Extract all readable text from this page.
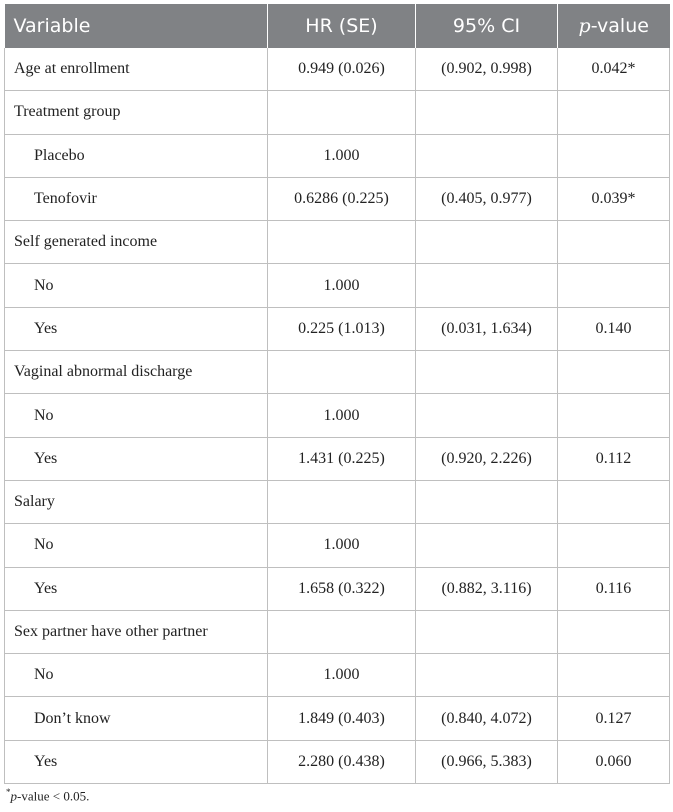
Variable	HR (SE)	95% CI	p-value
Age at enrollment	0.949 (0.026)	(0.902, 0.998)	0.042*
Treatment group			
Placebo	1.000		
Tenofovir	0.6286 (0.225)	(0.405, 0.977)	0.039*
Self generated income			
No	1.000		
Yes	0.225 (1.013)	(0.031, 1.634)	0.140
Vaginal abnormal discharge			
No	1.000		
Yes	1.431 (0.225)	(0.920, 2.226)	0.112
Salary			
No	1.000		
Yes	1.658 (0.322)	(0.882, 3.116)	0.116
Sex partner have other partner			
No	1.000		
Don’t know	1.849 (0.403)	(0.840, 4.072)	0.127
Yes	2.280 (0.438)	(0.966, 5.383)	0.060
*p-value < 0.05.
